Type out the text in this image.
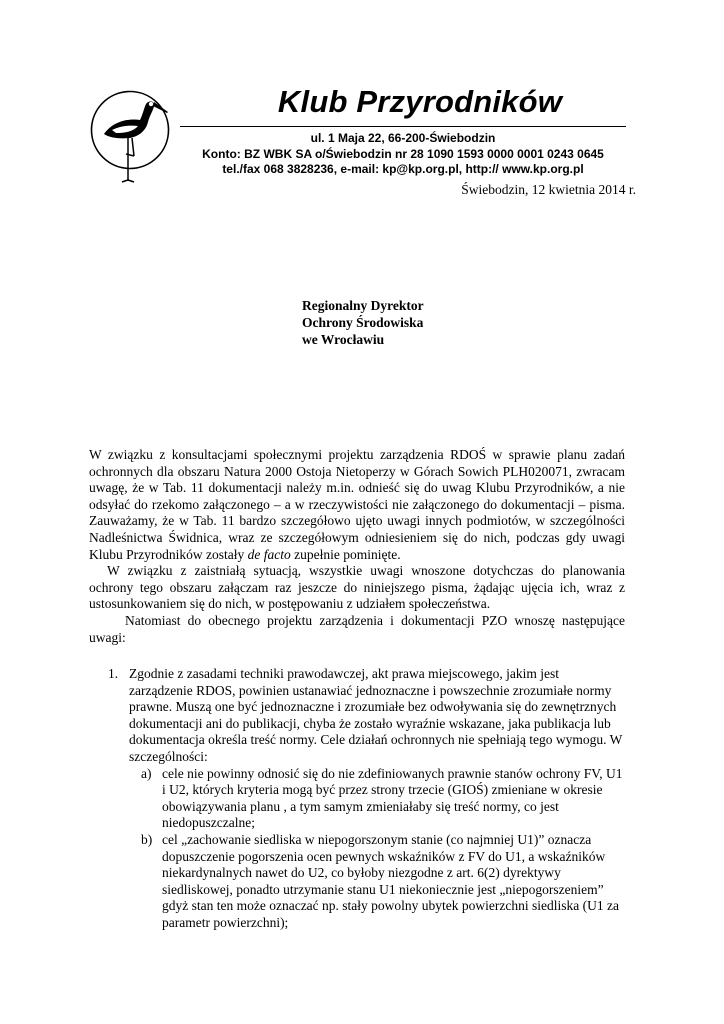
Klub Przyrodników
ul. 1 Maja 22, 66-200-Świebodzin
Konto: BZ WBK SA o/Świebodzin nr 28 1090 1593 0000 0001 0243 0645
tel./fax 068 3828236, e-mail: kp@kp.org.pl, http:// www.kp.org.pl
Świebodzin, 12 kwietnia 2014 r.
Regionalny Dyrektor
Ochrony Środowiska
we Wrocławiu

W związku z konsultacjami społecznymi projektu zarządzenia RDOŚ w sprawie planu zadań ochronnych dla obszaru Natura 2000 Ostoja Nietoperzy w Górach Sowich PLH020071, zwracam uwagę, że w Tab. 11 dokumentacji należy m.in. odnieść się do uwag Klubu Przyrodników, a nie odsyłać do rzekomo załączonego – a w rzeczywistości nie załączonego do dokumentacji – pisma. Zauważamy, że w Tab. 11 bardzo szczegółowo ujęto uwagi innych podmiotów, w szczególności Nadleśnictwa Świdnica, wraz ze szczegółowym odniesieniem się do nich, podczas gdy uwagi Klubu Przyrodników zostały de facto zupełnie pominięte.

W związku z zaistniałą sytuacją, wszystkie uwagi wnoszone dotychczas do planowania ochrony tego obszaru załączam raz jeszcze do niniejszego pisma, żądając ujęcia ich, wraz z ustosunkowaniem się do nich, w postępowaniu z udziałem społeczeństwa.

Natomiast do obecnego projektu zarządzenia i dokumentacji PZO wnoszę następujące uwagi:

1. Zgodnie z zasadami techniki prawodawczej, akt prawa miejscowego, jakim jest zarządzenie RDOS, powinien ustanawiać jednoznaczne i powszechnie zrozumiałe normy prawne. Muszą one być jednoznaczne i zrozumiałe bez odwoływania się do zewnętrznych dokumentacji ani do publikacji, chyba że zostało wyraźnie wskazane, jaka publikacja lub dokumentacja określa treść normy. Cele działań ochronnych nie spełniają tego wymogu. W szczególności:
a) cele nie powinny odnosić się do nie zdefiniowanych prawnie stanów ochrony FV, U1 i U2, których kryteria mogą być przez strony trzecie (GIOŚ) zmieniane w okresie obowiązywania planu , a tym samym zmieniałaby się treść normy, co jest niedopuszczalne;
b) cel „zachowanie siedliska w niepogorszonym stanie (co najmniej U1)” oznacza dopuszczenie pogorszenia ocen pewnych wskaźników z FV do U1, a wskaźników niekardynalnych nawet do U2, co byłoby niezgodne z art. 6(2) dyrektywy siedliskowej, ponadto utrzymanie stanu U1 niekoniecznie jest „niepogorszeniem” gdyż stan ten może oznaczać np. stały powolny ubytek powierzchni siedliska (U1 za parametr powierzchni);
